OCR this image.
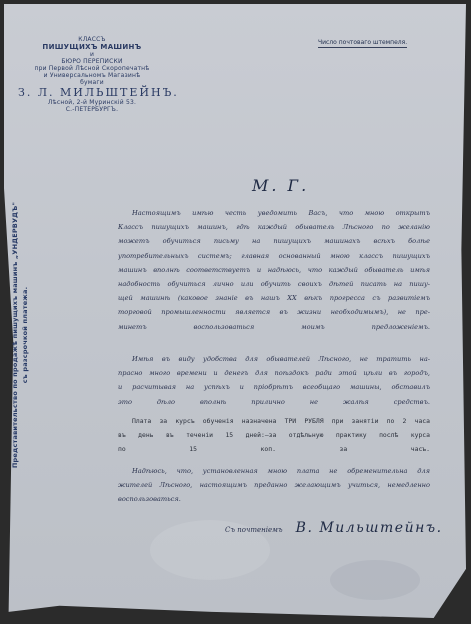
КЛАССЪ
ПИШУЩИХЪ МАШИНЪ
и
БЮРО ПЕРЕПИСКИ
при Первой Лѣсной Скоропечатнѣ
и Универсальномъ Магазинѣ
бумаги
З. Л. МИЛЬШТЕЙНЪ.
Лѣсной, 2-й Муринскій 53.
С.-ПЕТЕРБУРГЪ.
Число почтоваго штемпеля.
Представительство по продажѣ пишущихъ машинъ „УНДЕРВУДЪ" съ разсрочкой платежа.
М. Г.
Настоящимъ имѣю честь уведомить Васъ, что мною открытъ
Классъ пишущихъ машинъ, гдѣ каждый обыватель Лѣсного по желанію
можетъ обучиться письму на пишущихъ машинахъ всѣхъ болѣе
употребительныхъ системъ; главная основанный мною классъ пишущихъ
машинъ вполнѣ соответствуетъ и надѣюсь, что каждый обыватель имѣя
надобность обучиться лично или обучить своихъ дѣтей писать на пишу-
щей машинѣ (каковое знаніе въ нашъ XX вѣкъ прогресса съ развитіемъ
торговой промышленности является въ жизни необходимымъ), не пре-
минетъ воспользоваться моимъ предложеніемъ.
Имѣя въ виду удобства для обывателей Лѣсного, не тратить на-
прасно много времени и денегъ для поѣздокъ ради этой цѣли въ городъ,
и расчитывая на успѣхъ и пріобрѣтъ всеобщаго машины, обставилъ
это дѣло вполнѣ прилично не жалѣя средствъ.
Плата за курсъ обученія назначена ТРИ РУБЛЯ при занятіи по 2 часа
въ день въ теченіи 15 дней:—за отдѣльную практику послѣ курса
по 15 коп. за часъ.
Надѣюсь, что, установленная мною плата не обременительна для
жителей Лѣсного, настоящимъ преданно желающимъ учиться, немедленно
воспользоваться.
Съ почтеніемъ В. Мильштейнъ.
